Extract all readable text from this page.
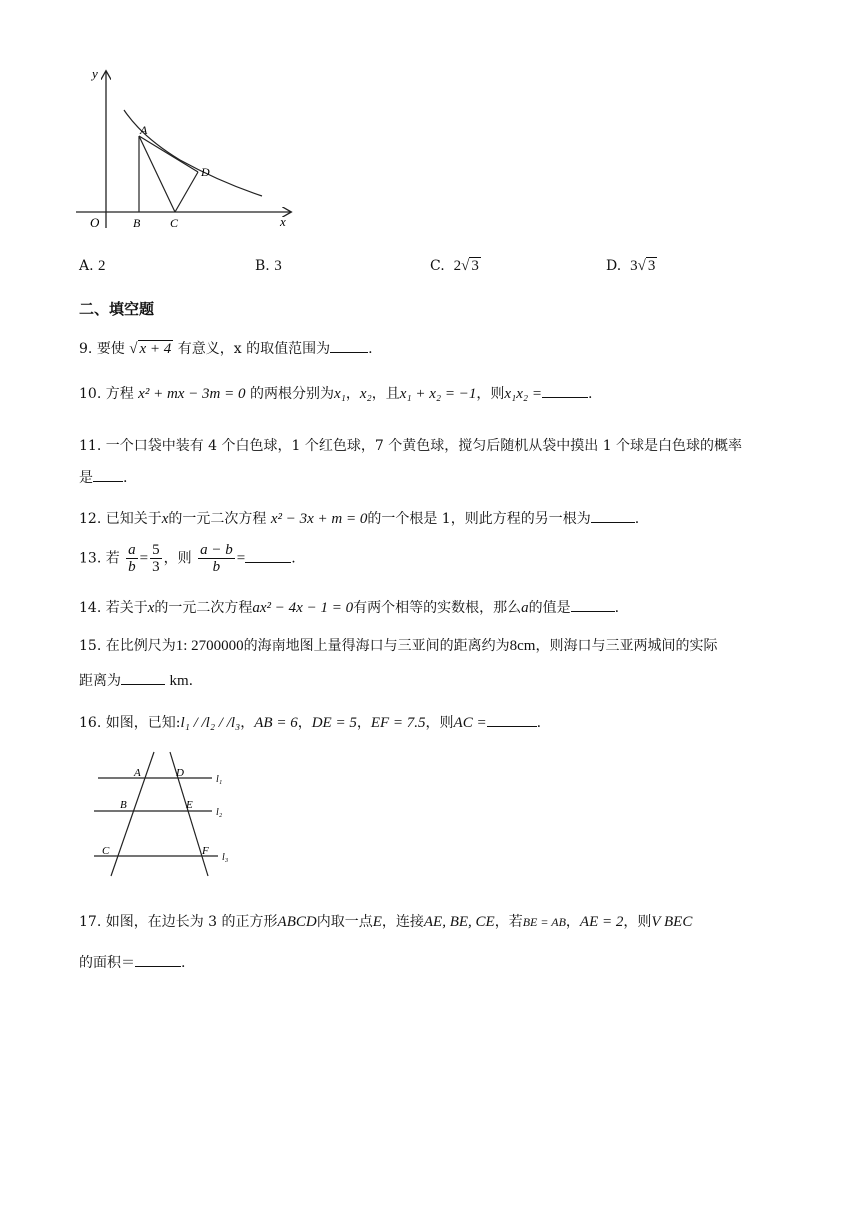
y
x
O
A
B C
D
A. 2	B. 3	C. 2√ 3	D. 3√ 3
二、填空题
9. 要使 √ x + 4 有意义，x 的取值范围为	.
10. 方程 x² + mx − 3m = 0 的两根分别为x₁，x₂，且x₁ + x₂ = −1，则x₁x₂ =	.
11. 一个口袋中装有 4 个白色球，1 个红色球，7 个黄色球，搅匀后随机从袋中摸出 1 个球是白色球的概率
是 .
12. 已知关于x的一元二次方程 x² − 3x + m = 0的一个根是 1，则此方程的另一根为	.
13. 若 $\frac{a}{b} = \frac{5}{3}$ ，则 $\frac{a - b}{b}$ =	.
14. 若关于x的一元二次方程ax² − 4x − 1 = 0有两个相等的实数根，那么a的值是	.
15. 在比例尺为1: 2700000的海南地图上量得海口与三亚间的距离约为8cm，则海口与三亚两城间的实际
距离为	km.
16. 如图，已知:l₁ / /l₂ / /l₃，AB = 6，DE = 5，EF = 7.5，则AC =	.
A
B
C
D
E
F
l₁
l₂
l₃
17. 如图，在边长为 3 的正方形ABCD内取一点E，连接AE, BE, CE，若BE = AB，AE = 2，则V BEC
的面积＝	.
